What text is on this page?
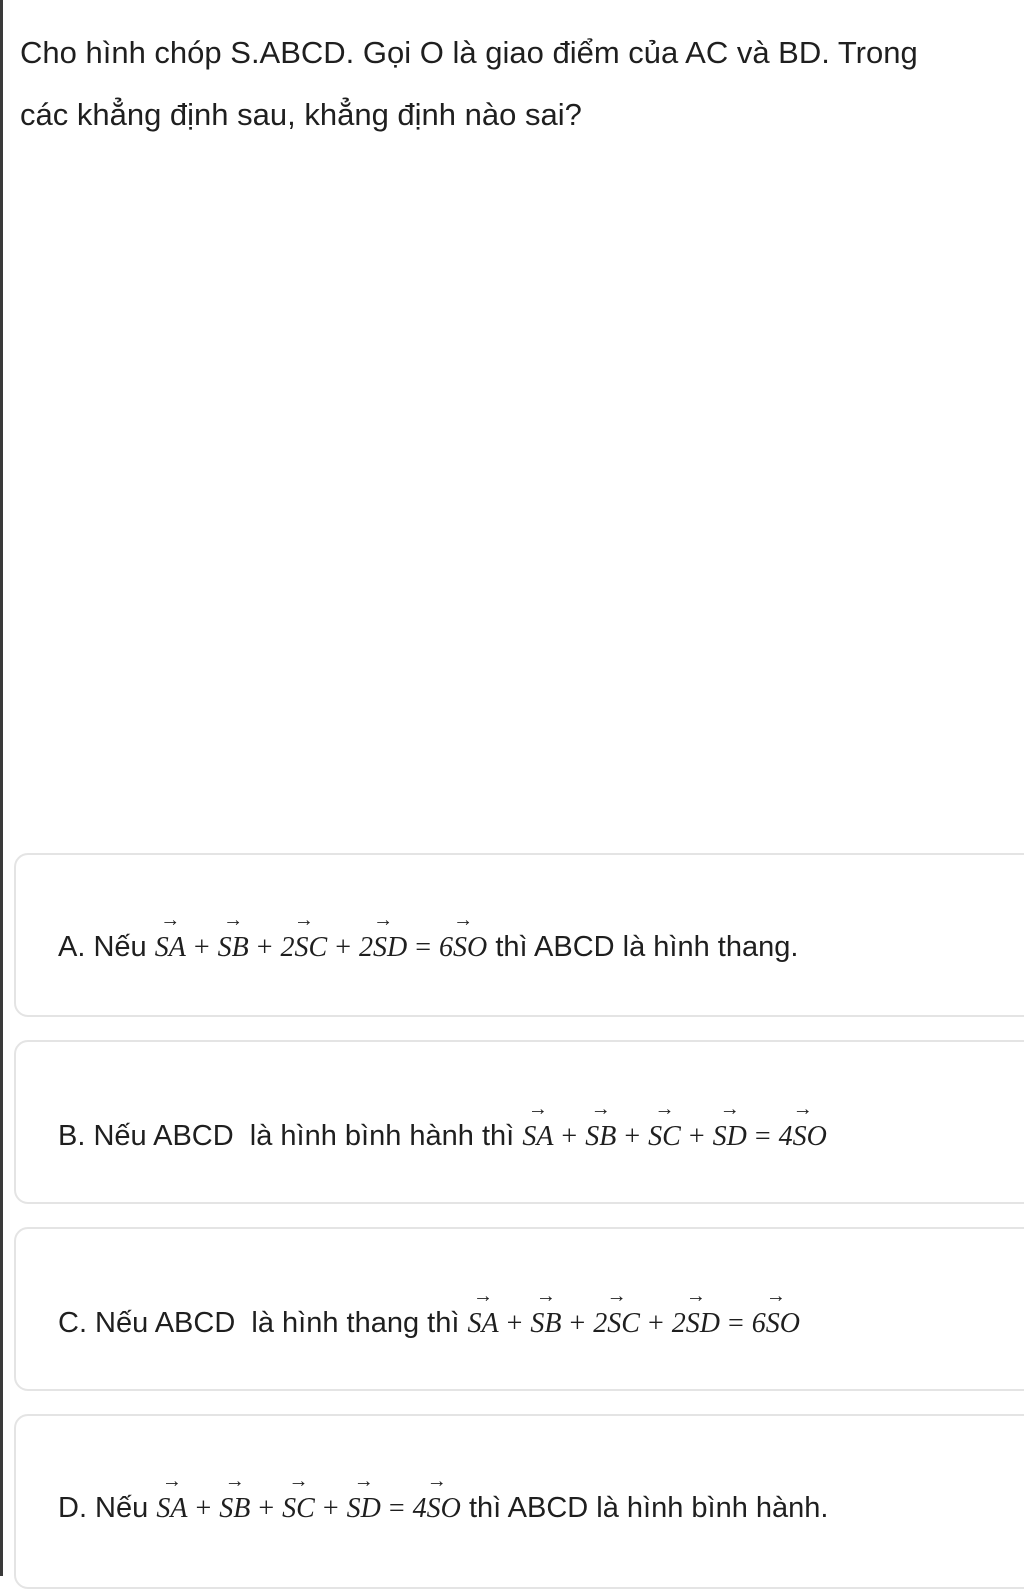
Cho hình chóp S.ABCD. Gọi O là giao điểm của AC và BD. Trong
các khẳng định sau, khẳng định nào sai?
A. Nếu → SA + → SB + → 2SC + → 2SD = → 6SO thì ABCD là hình thang.
B. Nếu ABCD  là hình bình hành thì → SA + → SB + → SC + → SD = → 4SO
C. Nếu ABCD  là hình thang thì → SA + → SB + → 2SC + → 2SD = → 6SO
D. Nếu → SA + → SB + → SC + → SD = → 4SO thì ABCD là hình bình hành.
